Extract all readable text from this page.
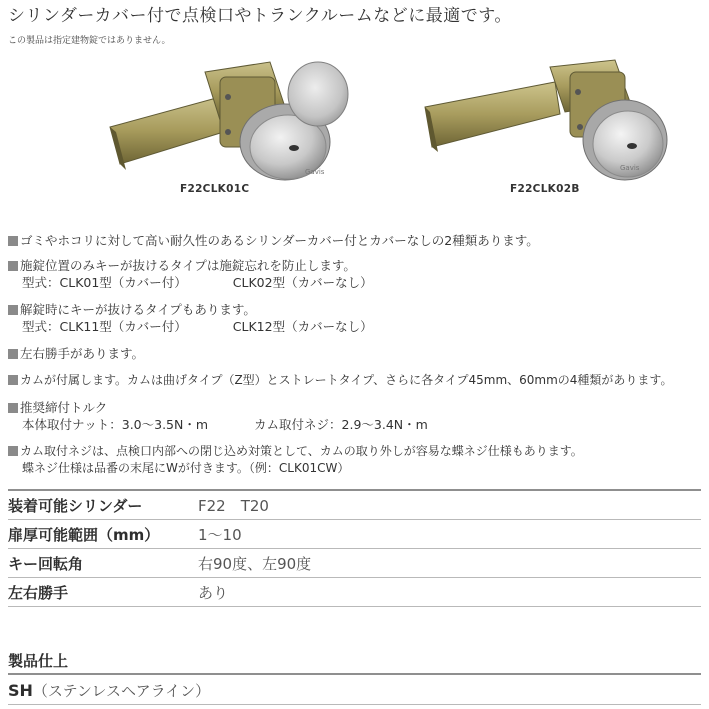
シリンダーカバー付で点検口やトランクルームなどに最適です。
この製品は指定建物錠ではありません。
Gavis
F22CLK01C
Gavis
F22CLK02B
ゴミやホコリに対して高い耐久性のあるシリンダーカバー付とカバーなしの2種類あります。
施錠位置のみキーが抜けるタイプは施錠忘れを防止します。
型式：CLK01型（カバー付）	CLK02型（カバーなし）
解錠時にキーが抜けるタイプもあります。
型式：CLK11型（カバー付）	CLK12型（カバーなし）
左右勝手があります。
カムが付属します。カムは曲げタイプ（Z型）とストレートタイプ、さらに各タイプ45mm、60mmの4種類があります。
推奨締付トルク
本体取付ナット：3.0〜3.5N・m	カム取付ネジ：2.9〜3.4N・m
カム取付ネジは、点検口内部への閉じ込め対策として、カムの取り外しが容易な蝶ネジ仕様もあります。
蝶ネジ仕様は品番の末尾にWが付きます。（例：CLK01CW）
装着可能シリンダー	F22　T20
扉厚可能範囲（mm）	1〜10
キー回転角	右90度、左90度
左右勝手	あり
製品仕上
SH（ステンレスヘアライン）
